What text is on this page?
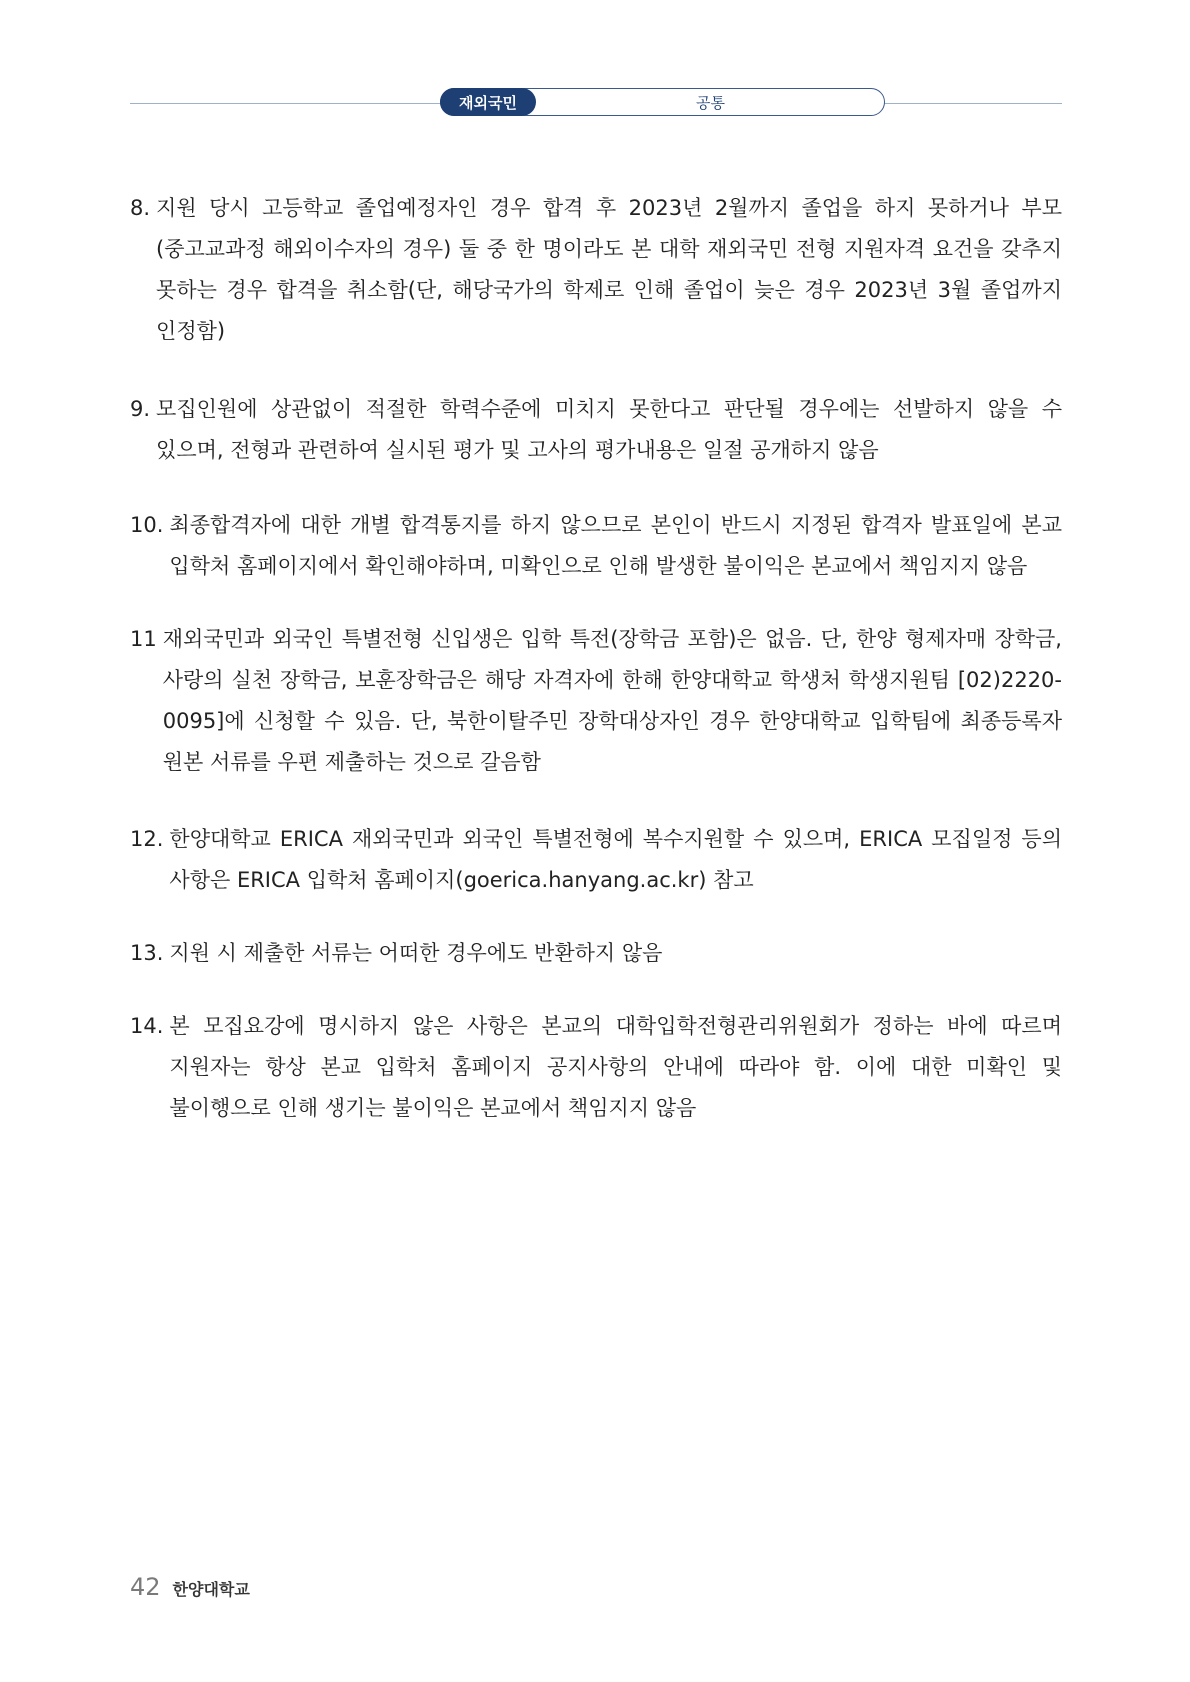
재외국민	공통
8. 지원 당시 고등학교 졸업예정자인 경우 합격 후 2023년 2월까지 졸업을 하지 못하거나 부모(중고교과정 해외이수자의 경우) 둘 중 한 명이라도 본 대학 재외국민 전형 지원자격 요건을 갖추지 못하는 경우 합격을 취소함(단, 해당국가의 학제로 인해 졸업이 늦은 경우 2023년 3월 졸업까지 인정함)
9. 모집인원에 상관없이 적절한 학력수준에 미치지 못한다고 판단될 경우에는 선발하지 않을 수 있으며, 전형과 관련하여 실시된 평가 및 고사의 평가내용은 일절 공개하지 않음
10. 최종합격자에 대한 개별 합격통지를 하지 않으므로 본인이 반드시 지정된 합격자 발표일에 본교 입학처 홈페이지에서 확인해야하며, 미확인으로 인해 발생한 불이익은 본교에서 책임지지 않음
11 재외국민과 외국인 특별전형 신입생은 입학 특전(장학금 포함)은 없음. 단, 한양 형제자매 장학금, 사랑의 실천 장학금, 보훈장학금은 해당 자격자에 한해 한양대학교 학생처 학생지원팀 [02)2220-0095]에 신청할 수 있음. 단, 북한이탈주민 장학대상자인 경우 한양대학교 입학팀에 최종등록자 원본 서류를 우편 제출하는 것으로 갈음함
12. 한양대학교 ERICA 재외국민과 외국인 특별전형에 복수지원할 수 있으며, ERICA 모집일정 등의 사항은 ERICA 입학처 홈페이지(goerica.hanyang.ac.kr) 참고
13. 지원 시 제출한 서류는 어떠한 경우에도 반환하지 않음
14. 본 모집요강에 명시하지 않은 사항은 본교의 대학입학전형관리위원회가 정하는 바에 따르며 지원자는 항상 본교 입학처 홈페이지 공지사항의 안내에 따라야 함. 이에 대한 미확인 및 불이행으로 인해 생기는 불이익은 본교에서 책임지지 않음
42 한양대학교
